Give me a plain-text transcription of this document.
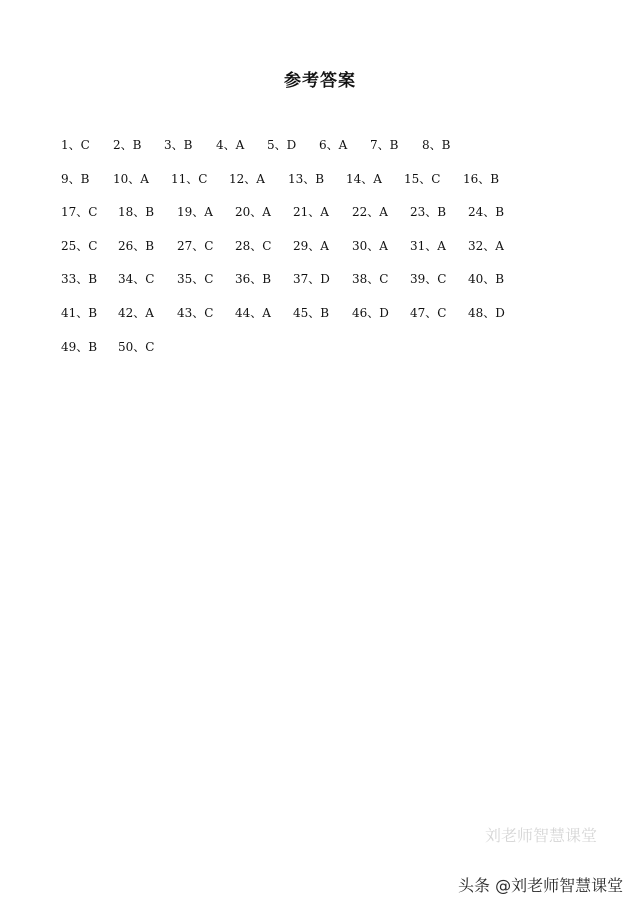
参考答案
1、C 2、B 3、B 4、A 5、D 6、A 7、B 8、B
9、B 10、A 11、C 12、A 13、B 14、A 15、C 16、B
17、C 18、B 19、A 20、A 21、A 22、A 23、B 24、B
25、C 26、B 27、C 28、C 29、A 30、A 31、A 32、A
33、B 34、C 35、C 36、B 37、D 38、C 39、C 40、B
41、B 42、A 43、C 44、A 45、B 46、D 47、C 48、D
49、B 50、C
刘老师智慧课堂
头条 @刘老师智慧课堂
